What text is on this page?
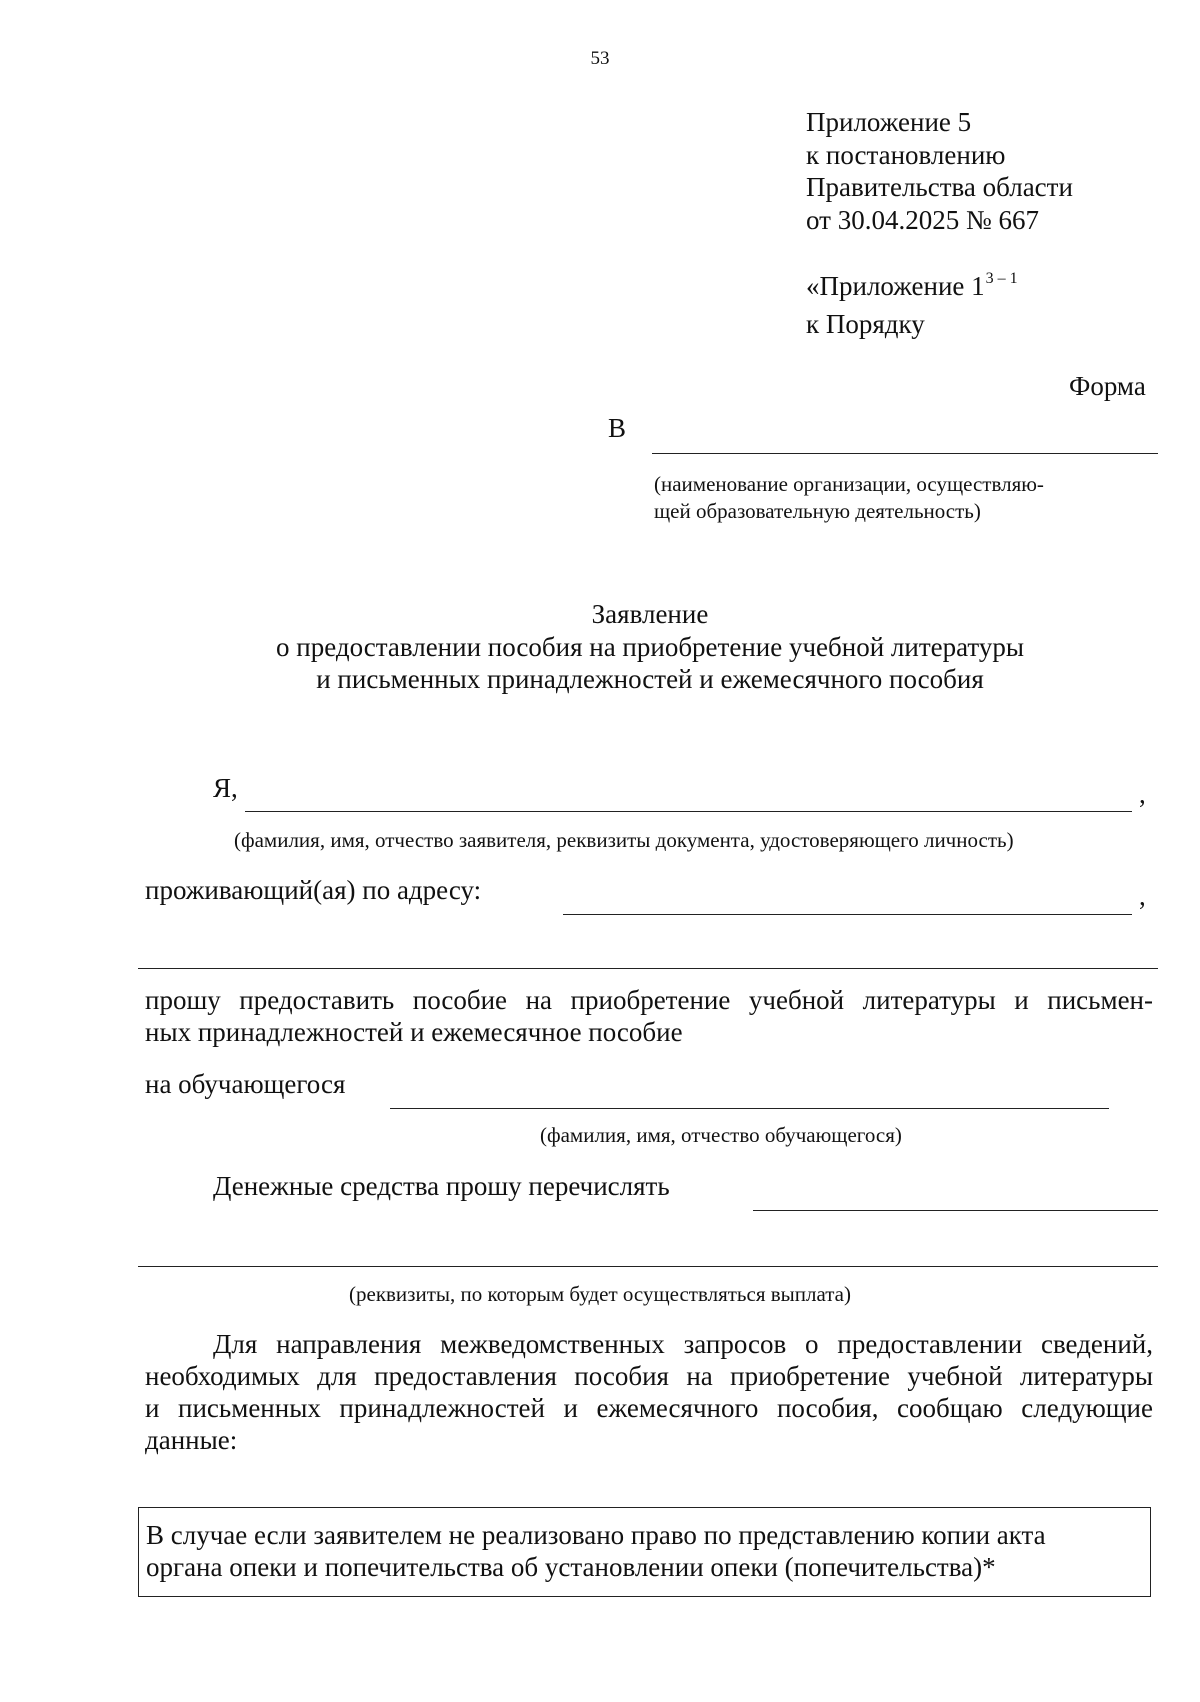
53
Приложение 5
к постановлению
Правительства области
от 30.04.2025 № 667
«Приложение 1$^{3 - 1}$
к Порядку
Форма
В
(наименование организации, осуществляю-
щей образовательную деятельность)
Заявление
о предоставлении пособия на приобретение учебной литературы
и письменных принадлежностей и ежемесячного пособия
Я,	,
(фамилия, имя, отчество заявителя, реквизиты документа, удостоверяющего личность)
проживающий(ая) по адресу:	,
прошу предоставить пособие на приобретение учебной литературы и письмен-
ных принадлежностей и ежемесячное пособие
на обучающегося
(фамилия, имя, отчество обучающегося)
Денежные средства прошу перечислять
(реквизиты, по которым будет осуществляться выплата)
Для направления межведомственных запросов о предоставлении сведений,
необходимых для предоставления пособия на приобретение учебной литературы
и письменных принадлежностей и ежемесячного пособия, сообщаю следующие
данные:
В случае если заявителем не реализовано право по представлению копии акта
органа опеки и попечительства об установлении опеки (попечительства)*
